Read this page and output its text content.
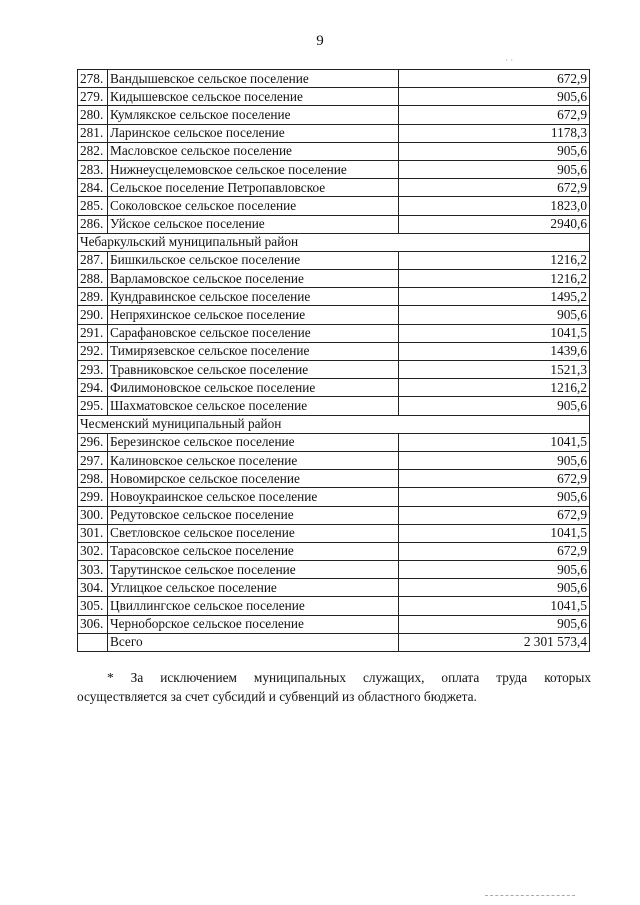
9
· ·
278.	Вандышевское сельское поселение	672,9
279.	Кидышевское сельское поселение	905,6
280.	Кумлякское сельское поселение	672,9
281.	Ларинское сельское поселение	1178,3
282.	Масловское сельское поселение	905,6
283.	Нижнеусцелемовское сельское поселение	905,6
284.	Сельское поселение Петропавловское	672,9
285.	Соколовское сельское поселение	1823,0
286.	Уйское сельское поселение	2940,6
Чебаркульский муниципальный район		
287.	Бишкильское сельское поселение	1216,2
288.	Варламовское сельское поселение	1216,2
289.	Кундравинское сельское поселение	1495,2
290.	Непряхинское сельское поселение	905,6
291.	Сарафановское сельское поселение	1041,5
292.	Тимирязевское сельское поселение	1439,6
293.	Травниковское сельское поселение	1521,3
294.	Филимоновское сельское поселение	1216,2
295.	Шахматовское сельское поселение	905,6
Чесменский муниципальный район		
296.	Березинское сельское поселение	1041,5
297.	Калиновское сельское поселение	905,6
298.	Новомирское сельское поселение	672,9
299.	Новоукраинское сельское поселение	905,6
300.	Редутовское сельское поселение	672,9
301.	Светловское сельское поселение	1041,5
302.	Тарасовское сельское поселение	672,9
303.	Тарутинское сельское поселение	905,6
304.	Углицкое сельское поселение	905,6
305.	Цвиллингское сельское поселение	1041,5
306.	Черноборское сельское поселение	905,6
	Всего	2 301 573,4
* За исключением муниципальных служащих, оплата труда которых
осуществляется за счет субсидий и субвенций из областного бюджета.
